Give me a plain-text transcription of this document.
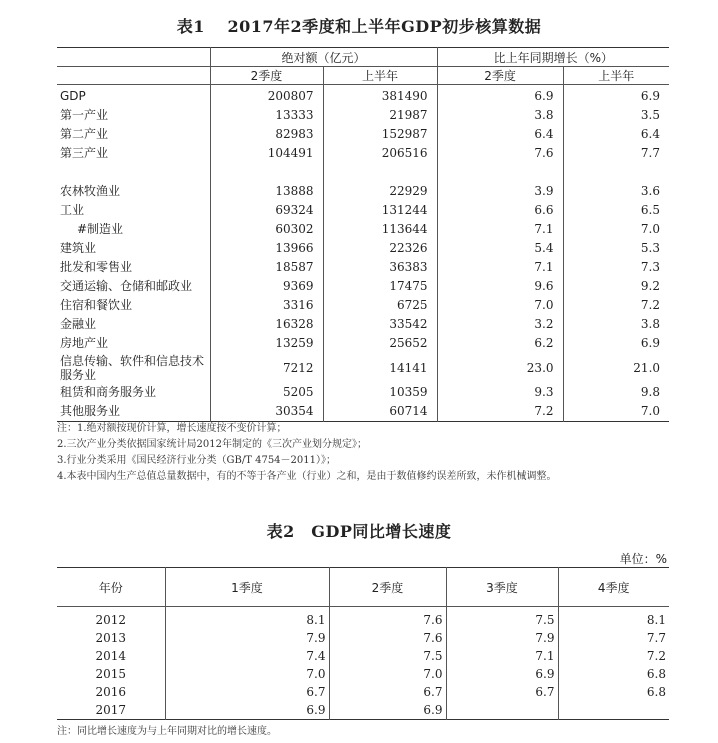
表1　 2017年2季度和上半年GDP初步核算数据
	绝对额（亿元）		比上年同期增长（%）	
	2季度	上半年	2季度	上半年
GDP	200807	381490	6.9	6.9
第一产业	13333	21987	3.8	3.5
第二产业	82983	152987	6.4	6.4
第三产业	104491	206516	7.6	7.7

农林牧渔业	13888	22929	3.9	3.6
工业	69324	131244	6.6	6.5
#制造业	60302	113644	7.1	7.0
建筑业	13966	22326	5.4	5.3
批发和零售业	18587	36383	7.1	7.3
交通运输、仓储和邮政业	9369	17475	9.6	9.2
住宿和餐饮业	3316	6725	7.0	7.2
金融业	16328	33542	3.2	3.8
房地产业	13259	25652	6.2	6.9
信息传输、软件和信息技术服务业	7212	14141	23.0	21.0
租赁和商务服务业	5205	10359	9.3	9.8
其他服务业	30354	60714	7.2	7.0
注：1.绝对额按现价计算，增长速度按不变价计算；
2.三次产业分类依据国家统计局2012年制定的《三次产业划分规定》；
3.行业分类采用《国民经济行业分类（GB/T 4754－2011）》；
4.本表中国内生产总值总量数据中，有的不等于各产业（行业）之和，是由于数值修约误差所致，未作机械调整。
表2　GDP同比增长速度
单位：%
年份	1季度	2季度	3季度	4季度
2012	8.1	7.6	7.5	8.1
2013	7.9	7.6	7.9	7.7
2014	7.4	7.5	7.1	7.2
2015	7.0	7.0	6.9	6.8
2016	6.7	6.7	6.7	6.8
2017	6.9	6.9		
注：同比增长速度为与上年同期对比的增长速度。
